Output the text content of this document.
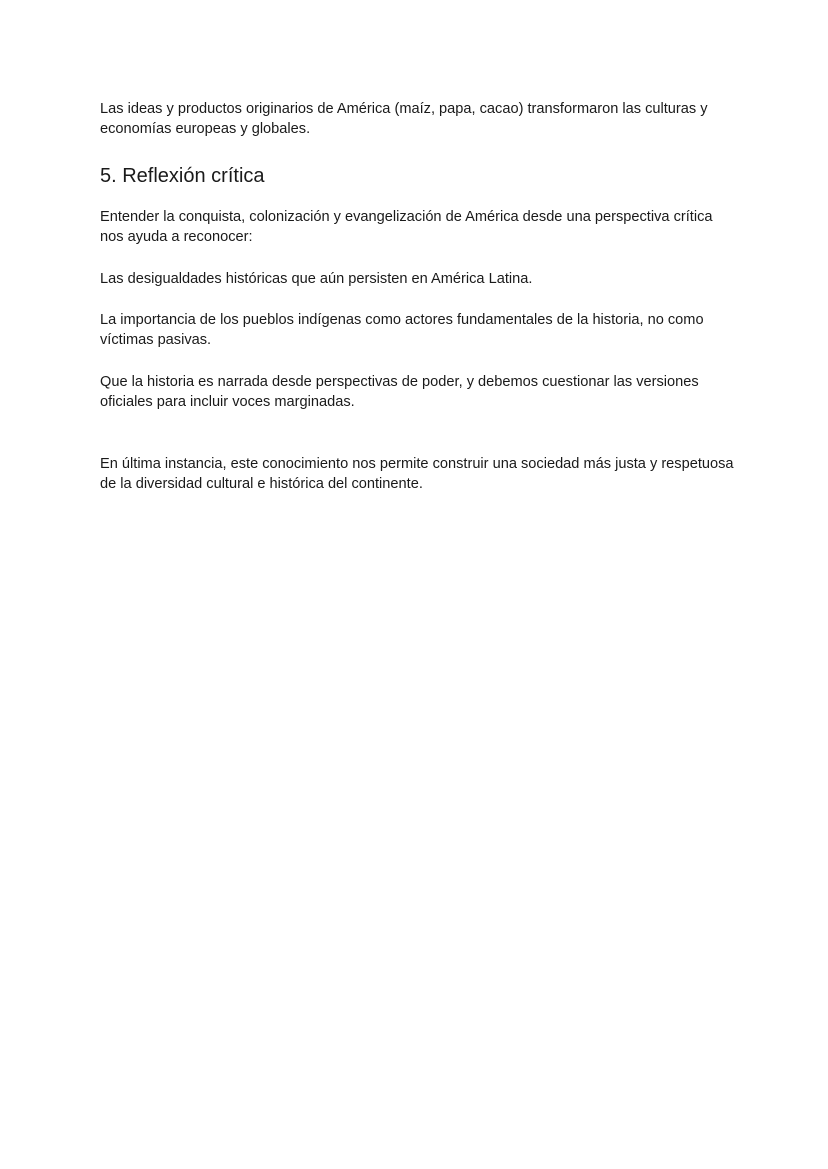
Las ideas y productos originarios de América (maíz, papa, cacao) transformaron las culturas y economías europeas y globales.

5. Reflexión crítica

Entender la conquista, colonización y evangelización de América desde una perspectiva crítica nos ayuda a reconocer:

Las desigualdades históricas que aún persisten en América Latina.

La importancia de los pueblos indígenas como actores fundamentales de la historia, no como víctimas pasivas.

Que la historia es narrada desde perspectivas de poder, y debemos cuestionar las versiones oficiales para incluir voces marginadas.

En última instancia, este conocimiento nos permite construir una sociedad más justa y respetuosa de la diversidad cultural e histórica del continente.
